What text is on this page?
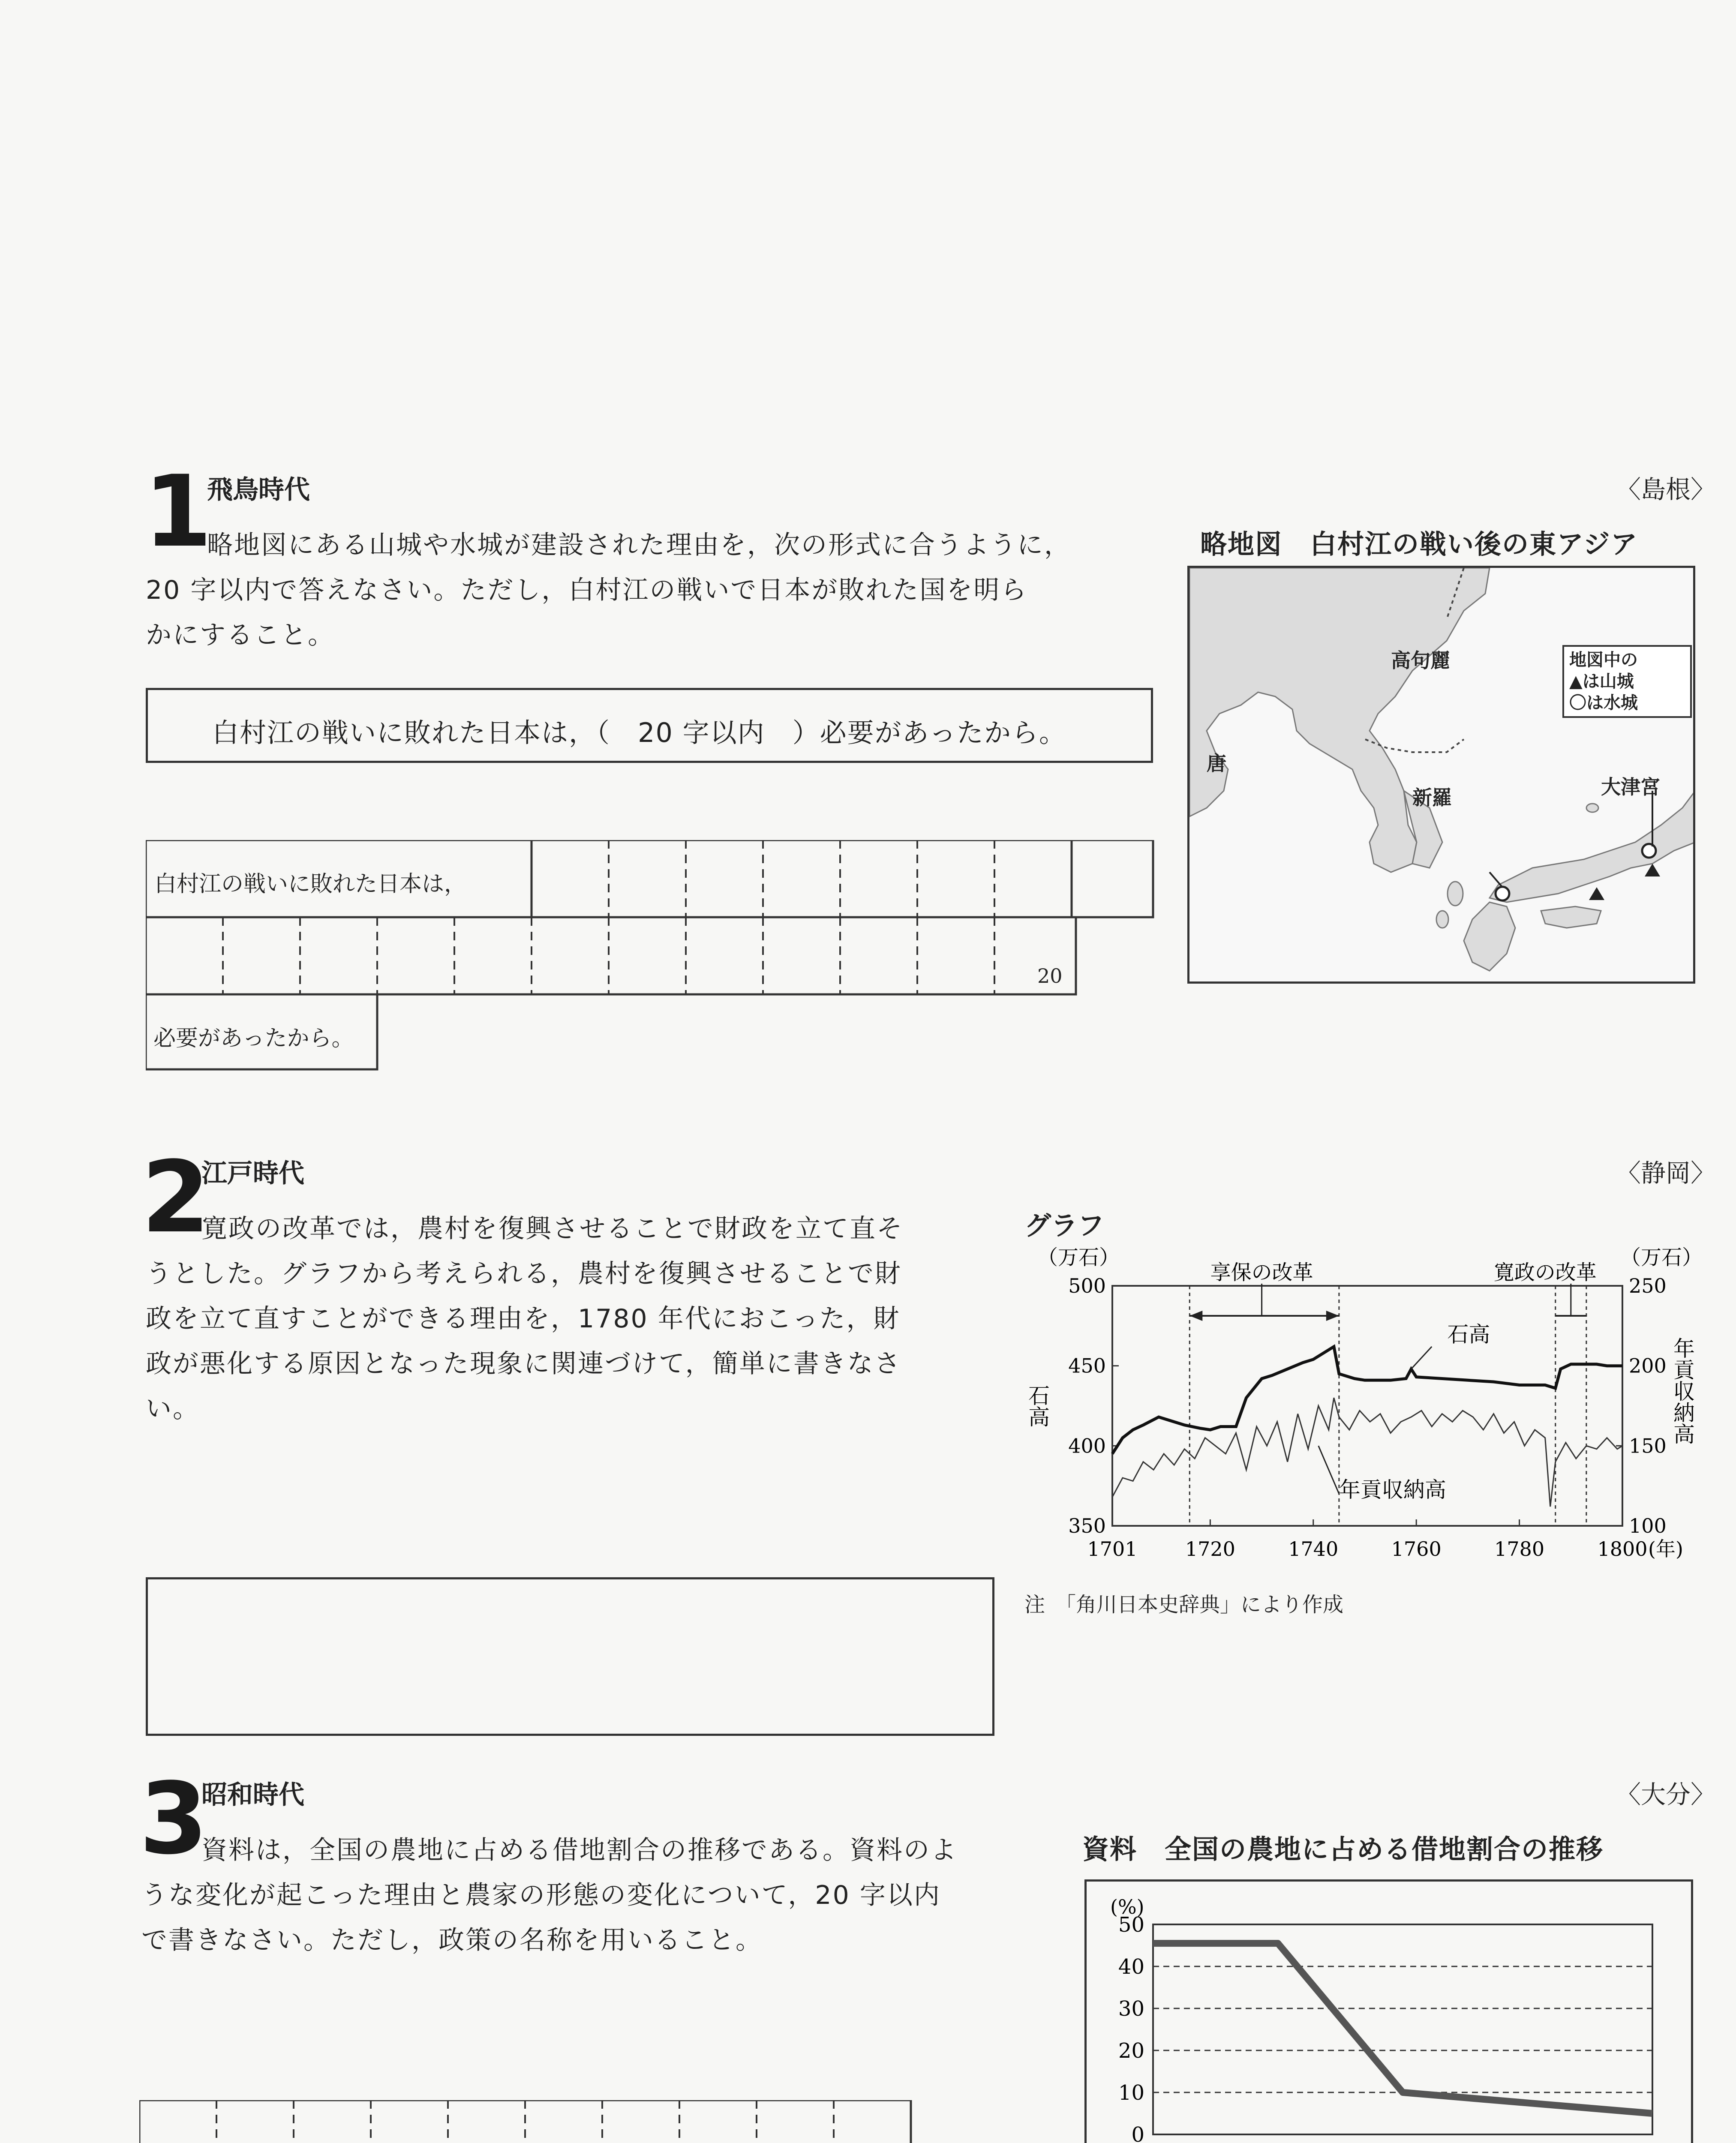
1
飛鳥時代	〈島根〉
略地図にある山城や水城が建設された理由を，次の形式に合うように，
20 字以内で答えなさい。ただし，白村江の戦いで日本が敗れた国を明ら
かにすること。
白村江の戦いに敗れた日本は，（　20 字以内　）必要があったから。
白村江の戦いに敗れた日本は，
20
必要があったから。
略地図　白村江の戦い後の東アジア
高句麗
唐
新羅	大津宮
地図中の
▲は山城
〇は水城
2
江戸時代	〈静岡〉
寛政の改革では，農村を復興させることで財政を立て直そ
うとした。グラフから考えられる，農村を復興させることで財
政を立て直すことができる理由を，1780 年代におこった，財
政が悪化する原因となった現象に関連づけて，簡単に書きなさ
い。
グラフ
（万石）	（万石）
350
400
450
500
100
150
200
250
1701 1720	1740	1760	1780	1800 (年)
石高	年貢収納高
享保の改革	寛政の改革
石高
年貢収納高
注　「角川日本史辞典」により作成
3
昭和時代	〈大分〉
資料は，全国の農地に占める借地割合の推移である。資料のよ
うな変化が起こった理由と農家の形態の変化について，20 字以内
で書きなさい。ただし，政策の名称を用いること。
資料　全国の農地に占める借地割合の推移
(%)
0
10
20
30
40
50
